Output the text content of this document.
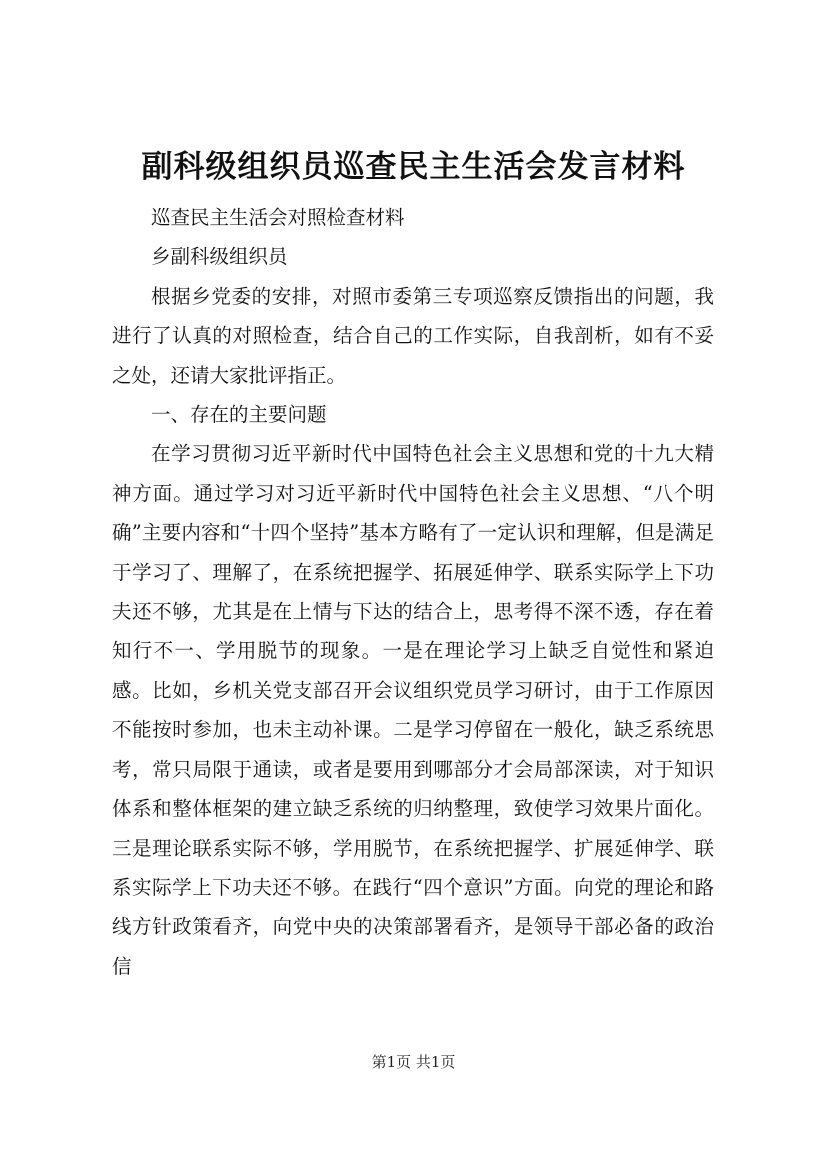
副科级组织员巡查民主生活会发言材料

巡查民主生活会对照检查材料

乡副科级组织员

根据乡党委的安排，对照市委第三专项巡察反馈指出的问题，我进行了认真的对照检查，结合自己的工作实际，自我剖析，如有不妥之处，还请大家批评指正。

一、存在的主要问题

在学习贯彻习近平新时代中国特色社会主义思想和党的十九大精神方面。通过学习对习近平新时代中国特色社会主义思想、“八个明确”主要内容和“十四个坚持”基本方略有了一定认识和理解，但是满足于学习了、理解了，在系统把握学、拓展延伸学、联系实际学上下功夫还不够，尤其是在上情与下达的结合上，思考得不深不透，存在着知行不一、学用脱节的现象。一是在理论学习上缺乏自觉性和紧迫感。比如，乡机关党支部召开会议组织党员学习研讨，由于工作原因不能按时参加，也未主动补课。二是学习停留在一般化，缺乏系统思考，常只局限于通读，或者是要用到哪部分才会局部深读，对于知识体系和整体框架的建立缺乏系统的归纳整理，致使学习效果片面化。三是理论联系实际不够，学用脱节，在系统把握学、扩展延伸学、联系实际学上下功夫还不够。在践行“四个意识”方面。向党的理论和路线方针政策看齐，向党中央的决策部署看齐，是领导干部必备的政治信

第1页 共1页
